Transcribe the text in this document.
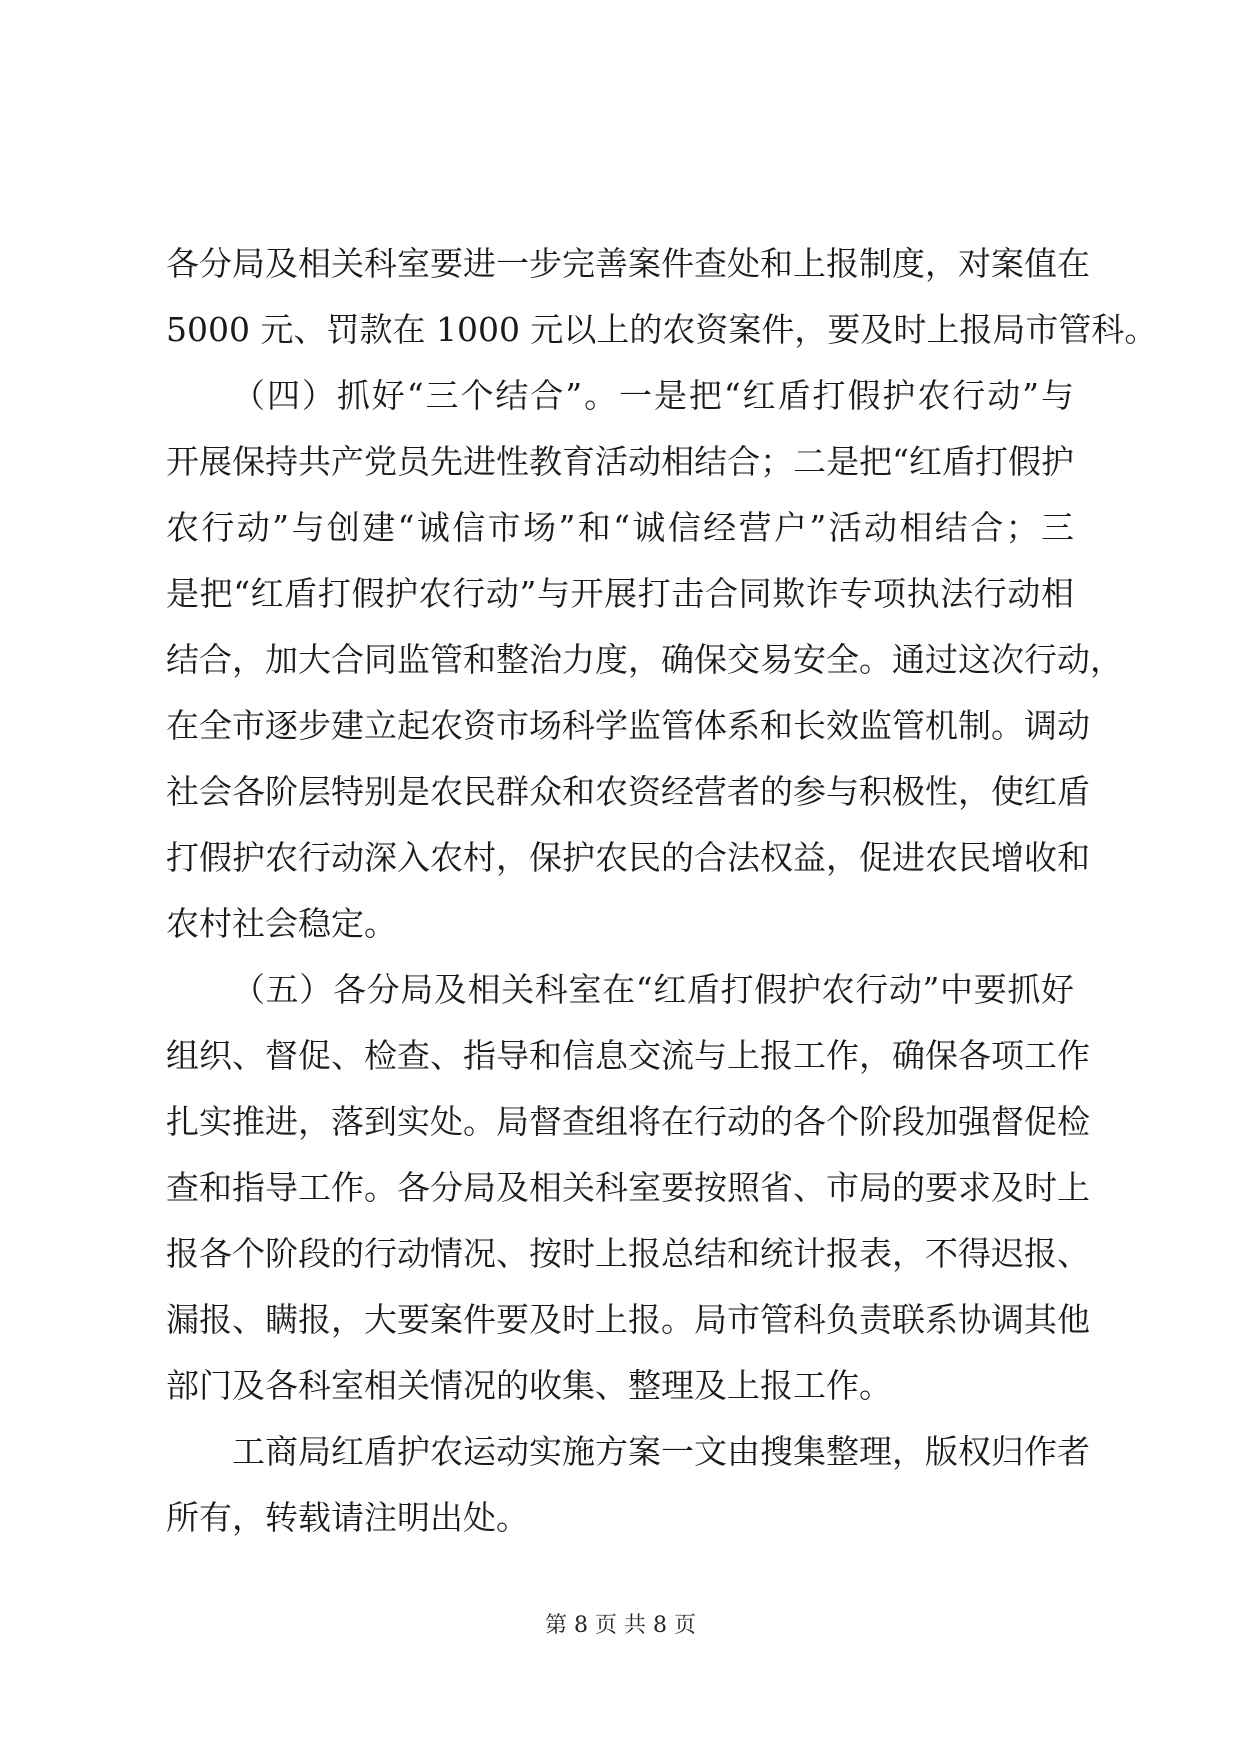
各分局及相关科室要进一步完善案件查处和上报制度，对案值在
5000 元、罚款在 1000 元以上的农资案件，要及时上报局市管科。
（四）抓好“三个结合”。一是把“红盾打假护农行动”与
开展保持共产党员先进性教育活动相结合；二是把“红盾打假护
农行动”与创建“诚信市场”和“诚信经营户”活动相结合；三
是把“红盾打假护农行动”与开展打击合同欺诈专项执法行动相
结合，加大合同监管和整治力度，确保交易安全。通过这次行动，
在全市逐步建立起农资市场科学监管体系和长效监管机制。调动
社会各阶层特别是农民群众和农资经营者的参与积极性，使红盾
打假护农行动深入农村，保护农民的合法权益，促进农民增收和
农村社会稳定。
（五）各分局及相关科室在“红盾打假护农行动”中要抓好
组织、督促、检查、指导和信息交流与上报工作，确保各项工作
扎实推进，落到实处。局督查组将在行动的各个阶段加强督促检
查和指导工作。各分局及相关科室要按照省、市局的要求及时上
报各个阶段的行动情况、按时上报总结和统计报表，不得迟报、
漏报、瞒报，大要案件要及时上报。局市管科负责联系协调其他
部门及各科室相关情况的收集、整理及上报工作。
工商局红盾护农运动实施方案一文由搜集整理，版权归作者
所有，转载请注明出处。
第 8 页 共 8 页
